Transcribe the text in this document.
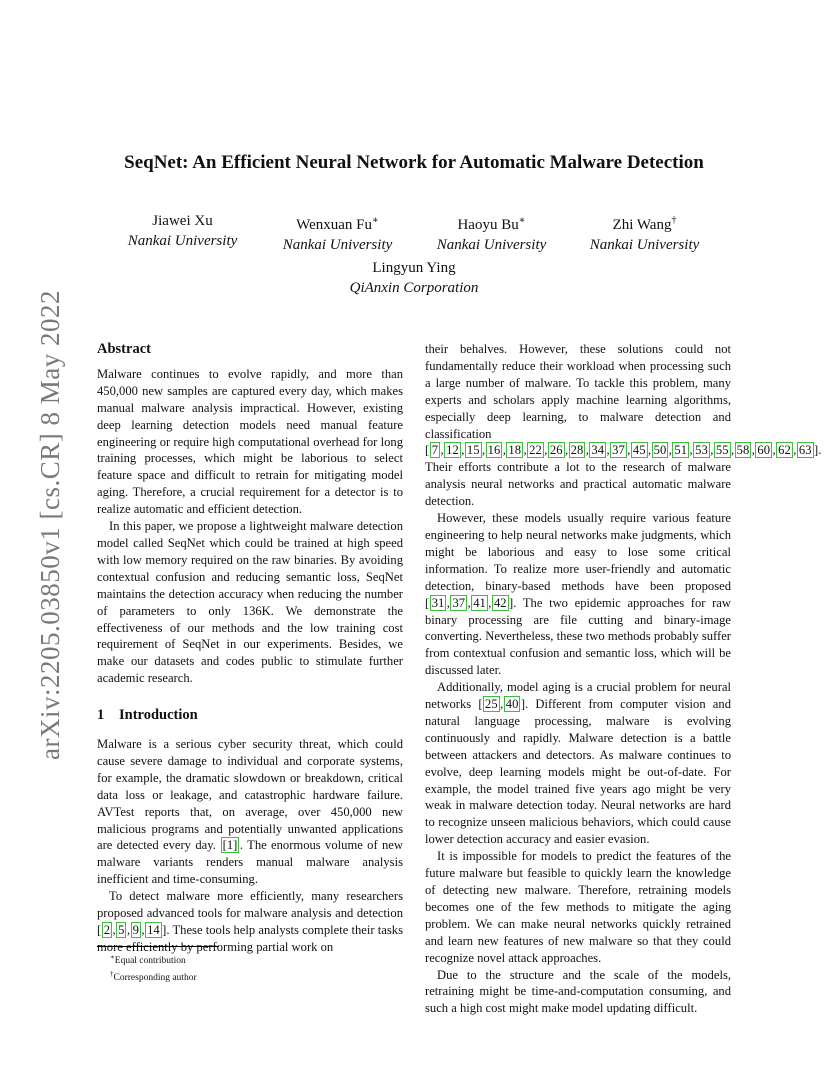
arXiv:2205.03850v1 [cs.CR] 8 May 2022
SeqNet: An Efficient Neural Network for Automatic Malware Detection
Jiawei Xu
Nankai University
Wenxuan Fu∗
Nankai University
Haoyu Bu∗
Nankai University
Zhi Wang†
Nankai University
Lingyun Ying
QiAnxin Corporation
Abstract

Malware continues to evolve rapidly, and more than 450,000 new samples are captured every day, which makes manual malware analysis impractical. However, existing deep learning detection models need manual feature engineering or require high computational overhead for long training processes, which might be laborious to select feature space and difficult to retrain for mitigating model aging. Therefore, a crucial requirement for a detector is to realize automatic and efficient detection.

In this paper, we propose a lightweight malware detection model called SeqNet which could be trained at high speed with low memory required on the raw binaries. By avoiding contextual confusion and reducing semantic loss, SeqNet maintains the detection accuracy when reducing the number of parameters to only 136K. We demonstrate the effectiveness of our methods and the low training cost requirement of SeqNet in our experiments. Besides, we make our datasets and codes public to stimulate further academic research.

1 Introduction

Malware is a serious cyber security threat, which could cause severe damage to individual and corporate systems, for example, the dramatic slowdown or breakdown, critical data loss or leakage, and catastrophic hardware failure. AVTest reports that, on average, over 450,000 new malicious programs and potentially unwanted applications are detected every day. [1] . The enormous volume of new malware variants renders manual malware analysis inefficient and time-consuming.

To detect malware more efficiently, many researchers proposed advanced tools for malware analysis and detection [ 2 , 5 , 9 , 14 ]. These tools help analysts complete their tasks more efficiently by performing partial work on

their behalves. However, these solutions could not fundamentally reduce their workload when processing such a large number of malware. To tackle this problem, many experts and scholars apply machine learning algorithms, especially deep learning, to malware detection and classification [ 7 , 12 , 15 , 16 , 18 , 22 , 26 , 28 , 34 , 37 , 45 , 50 , 51 , 53 , 55 , 58 , 60 , 62 , 63 ]. Their efforts contribute a lot to the research of malware analysis neural networks and practical automatic malware detection.

However, these models usually require various feature engineering to help neural networks make judgments, which might be laborious and easy to lose some critical information. To realize more user-friendly and automatic detection, binary-based methods have been proposed [ 31 , 37 , 41 , 42 ]. The two epidemic approaches for raw binary processing are file cutting and binary-image converting. Nevertheless, these two methods probably suffer from contextual confusion and semantic loss, which will be discussed later.

Additionally, model aging is a crucial problem for neural networks [ 25 , 40 ]. Different from computer vision and natural language processing, malware is evolving continuously and rapidly. Malware detection is a battle between attackers and detectors. As malware continues to evolve, deep learning models might be out-of-date. For example, the model trained five years ago might be very weak in malware detection today. Neural networks are hard to recognize unseen malicious behaviors, which could cause lower detection accuracy and easier evasion.

It is impossible for models to predict the features of the future malware but feasible to quickly learn the knowledge of detecting new malware. Therefore, retraining models becomes one of the few methods to mitigate the aging problem. We can make neural networks quickly retrained and learn new features of new malware so that they could recognize novel attack approaches.

Due to the structure and the scale of the models, retraining might be time-and-computation consuming, and such a high cost might make model updating difficult.

∗Equal contribution
†Corresponding author
